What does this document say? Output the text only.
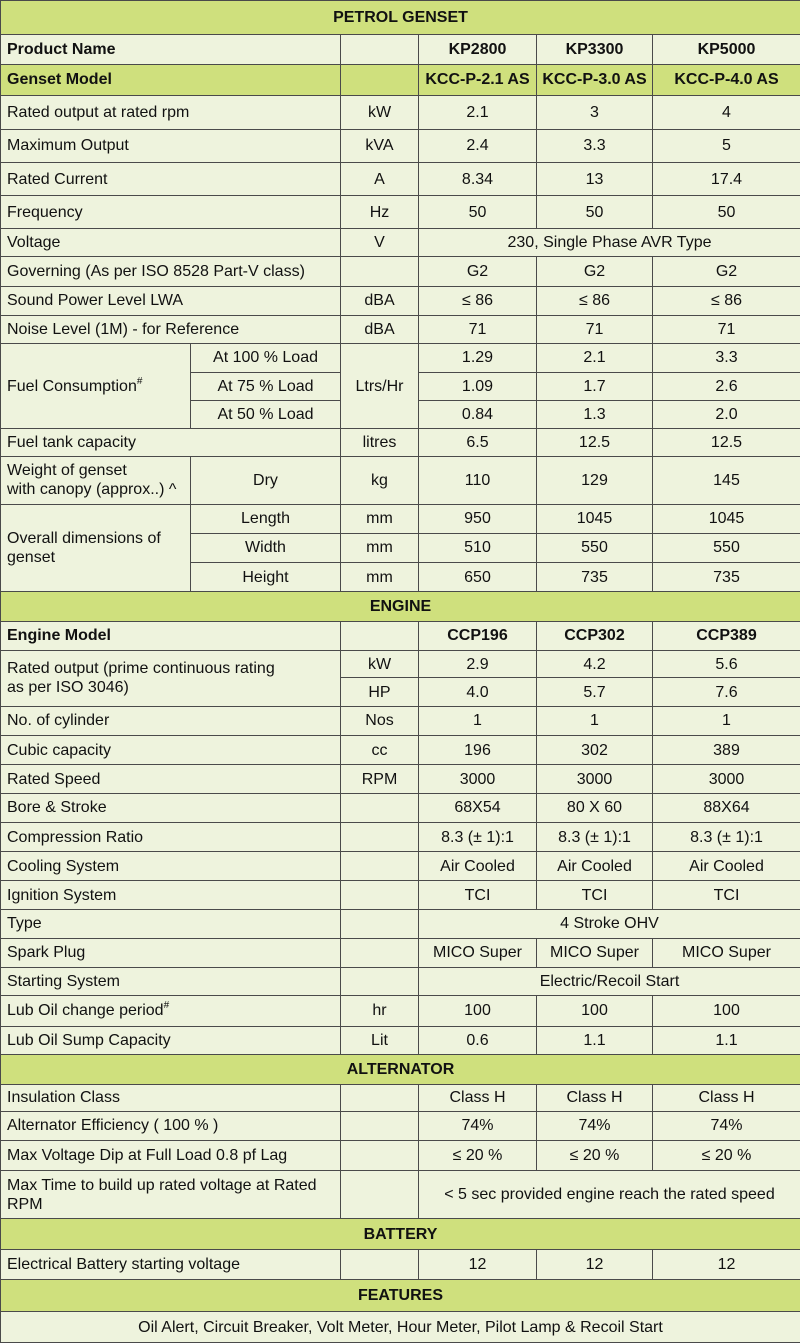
PETROL GENSET					
Product Name			KP2800	KP3300	KP5000
Genset Model			KCC-P-2.1 AS	KCC-P-3.0 AS	KCC-P-4.0 AS
Rated output at rated rpm		kW	2.1	3	4
Maximum Output		kVA	2.4	3.3	5
Rated Current		A	8.34	13	17.4
Frequency		Hz	50	50	50
Voltage		V	230, Single Phase AVR Type		
Governing (As per ISO 8528 Part-V class)			G2	G2	G2
Sound Power Level LWA		dBA	≤ 86	≤ 86	≤ 86
Noise Level (1M) - for Reference		dBA	71	71	71
Fuel Consumption#	At 100 % Load	Ltrs/Hr	1.29	2.1	3.3
	At 75 % Load		1.09	1.7	2.6
	At 50 % Load		0.84	1.3	2.0
Fuel tank capacity		litres	6.5	12.5	12.5
Weight of genset
with canopy (approx..) ^	Dry	kg	110	129	145
Overall dimensions of
genset	Length	mm	950	1045	1045
	Width	mm	510	550	550
	Height	mm	650	735	735
ENGINE					
Engine Model			CCP196	CCP302	CCP389
Rated output (prime continuous rating
as per ISO 3046)		kW	2.9	4.2	5.6
		HP	4.0	5.7	7.6
No. of cylinder		Nos	1	1	1
Cubic capacity		cc	196	302	389
Rated Speed		RPM	3000	3000	3000
Bore & Stroke			68X54	80 X 60	88X64
Compression Ratio			8.3 (± 1):1	8.3 (± 1):1	8.3 (± 1):1
Cooling System			Air Cooled	Air Cooled	Air Cooled
Ignition System			TCI	TCI	TCI
Type			4 Stroke OHV		
Spark Plug			MICO Super	MICO Super	MICO Super
Starting System			Electric/Recoil Start		
Lub Oil change period#		hr	100	100	100
Lub Oil Sump Capacity		Lit	0.6	1.1	1.1
ALTERNATOR					
Insulation Class			Class H	Class H	Class H
Alternator Efficiency ( 100 % )			74%	74%	74%
Max Voltage Dip at Full Load 0.8 pf Lag			≤ 20 %	≤ 20 %	≤ 20 %
Max Time to build up rated voltage at Rated
RPM			< 5 sec provided engine reach the rated speed		
BATTERY					
Electrical Battery starting voltage			12	12	12
FEATURES					
Oil Alert, Circuit Breaker, Volt Meter, Hour Meter, Pilot Lamp & Recoil Start					
